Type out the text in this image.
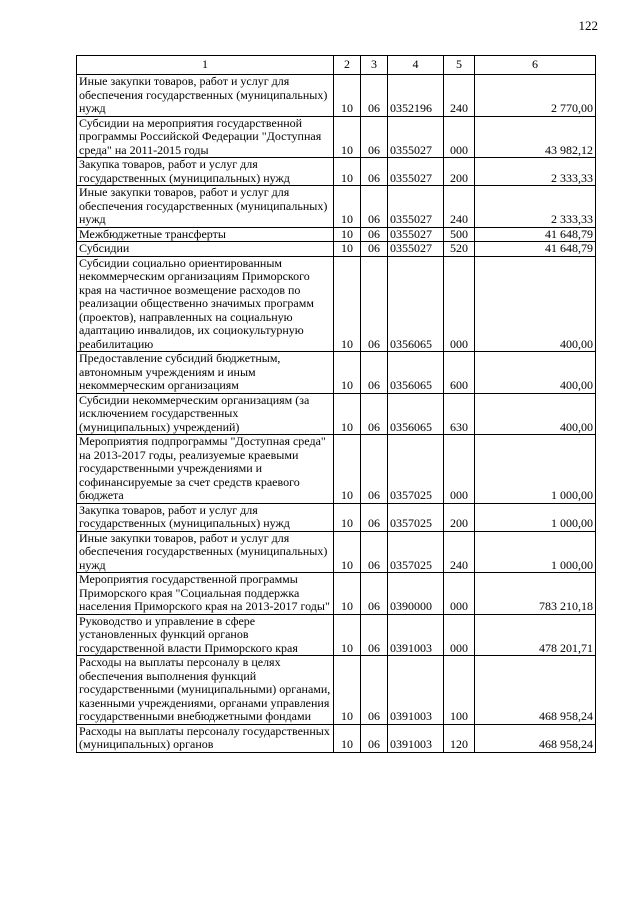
122
1	2	3	4	5	6
Иные закупки товаров, работ и услуг для обеспечения государственных (муниципальных) нужд	10	06	0352196	240	2 770,00
Субсидии на мероприятия государственной программы Российской Федерации "Доступная среда" на 2011-2015 годы	10	06	0355027	000	43 982,12
Закупка товаров, работ и услуг для государственных (муниципальных) нужд	10	06	0355027	200	2 333,33
Иные закупки товаров, работ и услуг для обеспечения государственных (муниципальных) нужд	10	06	0355027	240	2 333,33
Межбюджетные трансферты	10	06	0355027	500	41 648,79
Субсидии	10	06	0355027	520	41 648,79
Субсидии социально ориентированным некоммерческим организациям Приморского края на частичное возмещение расходов по реализации общественно значимых программ (проектов), направленных на социальную адаптацию инвалидов, их социокультурную реабилитацию	10	06	0356065	000	400,00
Предоставление субсидий бюджетным, автономным учреждениям и иным некоммерческим организациям	10	06	0356065	600	400,00
Субсидии некоммерческим организациям (за исключением государственных (муниципальных) учреждений)	10	06	0356065	630	400,00
Мероприятия подпрограммы "Доступная среда" на 2013-2017 годы, реализуемые краевыми государственными учреждениями и софинансируемые за счет средств краевого бюджета	10	06	0357025	000	1 000,00
Закупка товаров, работ и услуг для государственных (муниципальных) нужд	10	06	0357025	200	1 000,00
Иные закупки товаров, работ и услуг для обеспечения государственных (муниципальных) нужд	10	06	0357025	240	1 000,00
Мероприятия государственной программы Приморского края "Социальная поддержка населения Приморского края на 2013-2017 годы"	10	06	0390000	000	783 210,18
Руководство и управление в сфере установленных функций органов государственной власти Приморского края	10	06	0391003	000	478 201,71
Расходы на выплаты персоналу в целях обеспечения выполнения функций государственными (муниципальными) органами, казенными учреждениями, органами управления государственными внебюджетными фондами	10	06	0391003	100	468 958,24
Расходы на выплаты персоналу государственных (муниципальных) органов	10	06	0391003	120	468 958,24
